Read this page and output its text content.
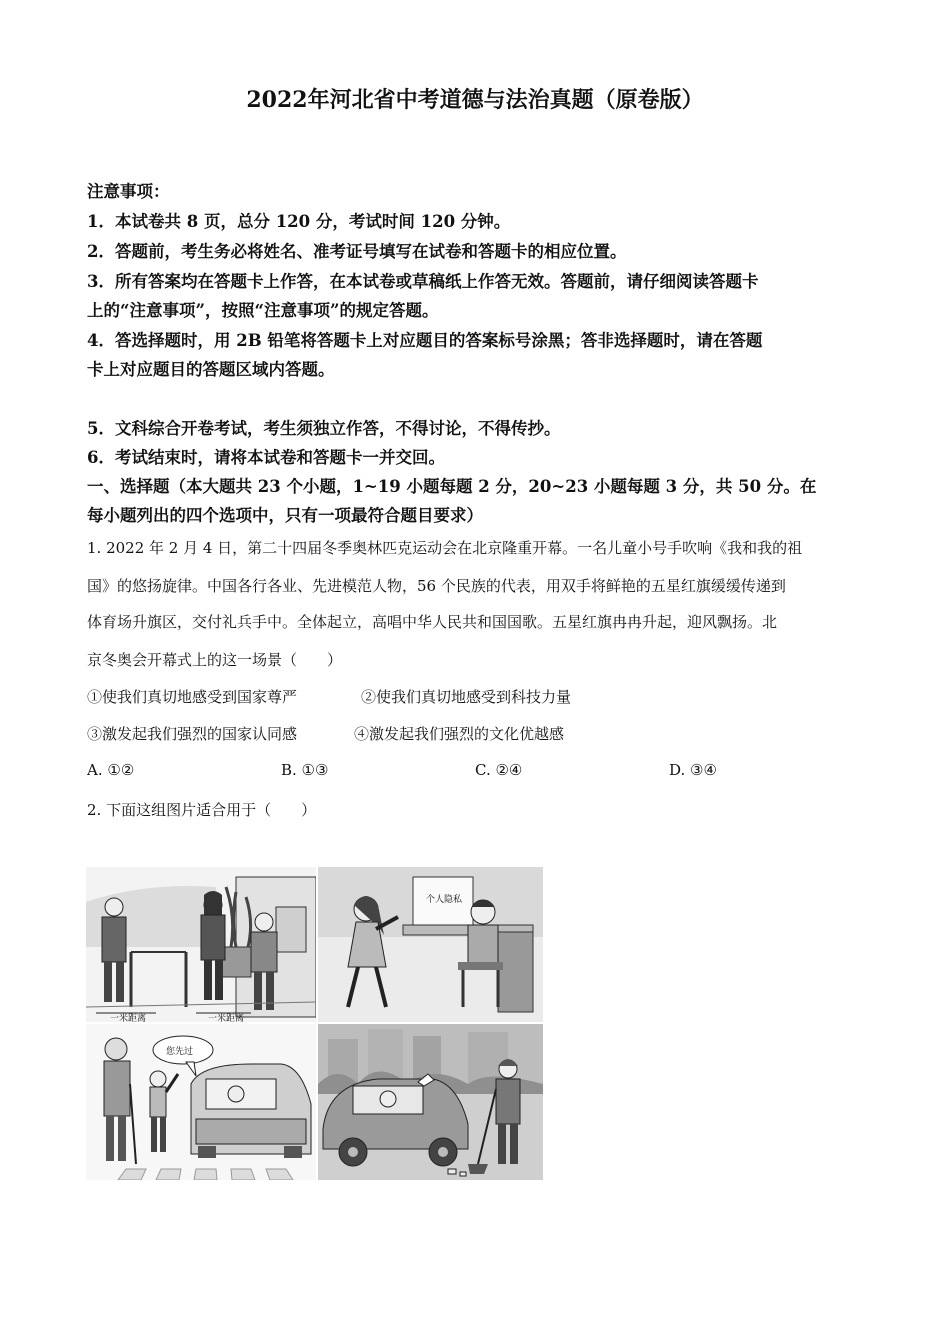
2022年河北省中考道德与法治真题（原卷版）
注意事项：
1．本试卷共 8 页，总分 120 分，考试时间 120 分钟。
2．答题前，考生务必将姓名、准考证号填写在试卷和答题卡的相应位置。
3．所有答案均在答题卡上作答，在本试卷或草稿纸上作答无效。答题前，请仔细阅读答题卡
上的“注意事项”，按照“注意事项”的规定答题。
4．答选择题时，用 2B 铅笔将答题卡上对应题目的答案标号涂黑；答非选择题时，请在答题
卡上对应题目的答题区域内答题。
5．文科综合开卷考试，考生须独立作答，不得讨论，不得传抄。
6．考试结束时，请将本试卷和答题卡一并交回。
一、选择题（本大题共 23 个小题，1~19 小题每题 2 分，20~23 小题每题 3 分，共 50 分。在
每小题列出的四个选项中，只有一项最符合题目要求）
1. 2022 年 2 月 4 日，第二十四届冬季奥林匹克运动会在北京隆重开幕。一名儿童小号手吹响《我和我的祖
国》的悠扬旋律。中国各行各业、先进模范人物，56 个民族的代表，用双手将鲜艳的五星红旗缓缓传递到
体育场升旗区，交付礼兵手中。全体起立，高唱中华人民共和国国歌。五星红旗冉冉升起，迎风飘扬。北
京冬奥会开幕式上的这一场景（　　）
①使我们真切地感受到国家尊严	②使我们真切地感受到科技力量
③激发起我们强烈的国家认同感	④激发起我们强烈的文化优越感
A. ①②	B. ①③	C. ②④	D. ③④
2. 下面这组图片适合用于（　　）
一米距离	一米距离
个人隐私
您先过
